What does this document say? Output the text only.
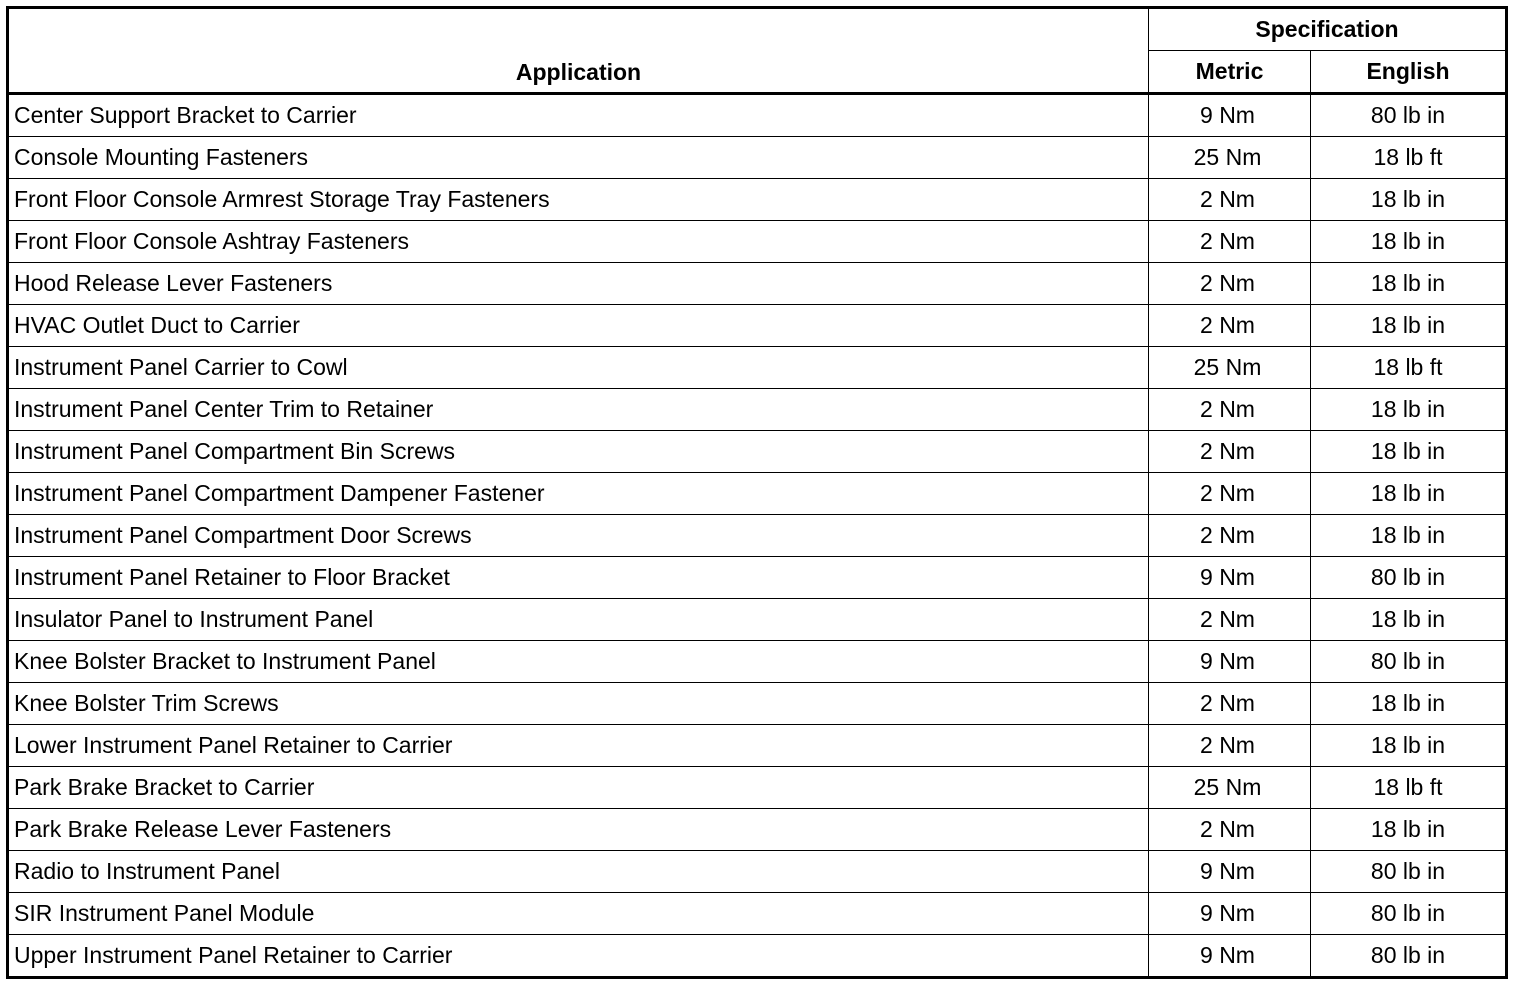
Application	Specification	
	Metric	English
Center Support Bracket to Carrier	9 Nm	80 lb in
Console Mounting Fasteners	25 Nm	18 lb ft
Front Floor Console Armrest Storage Tray Fasteners	2 Nm	18 lb in
Front Floor Console Ashtray Fasteners	2 Nm	18 lb in
Hood Release Lever Fasteners	2 Nm	18 lb in
HVAC Outlet Duct to Carrier	2 Nm	18 lb in
Instrument Panel Carrier to Cowl	25 Nm	18 lb ft
Instrument Panel Center Trim to Retainer	2 Nm	18 lb in
Instrument Panel Compartment Bin Screws	2 Nm	18 lb in
Instrument Panel Compartment Dampener Fastener	2 Nm	18 lb in
Instrument Panel Compartment Door Screws	2 Nm	18 lb in
Instrument Panel Retainer to Floor Bracket	9 Nm	80 lb in
Insulator Panel to Instrument Panel	2 Nm	18 lb in
Knee Bolster Bracket to Instrument Panel	9 Nm	80 lb in
Knee Bolster Trim Screws	2 Nm	18 lb in
Lower Instrument Panel Retainer to Carrier	2 Nm	18 lb in
Park Brake Bracket to Carrier	25 Nm	18 lb ft
Park Brake Release Lever Fasteners	2 Nm	18 lb in
Radio to Instrument Panel	9 Nm	80 lb in
SIR Instrument Panel Module	9 Nm	80 lb in
Upper Instrument Panel Retainer to Carrier	9 Nm	80 lb in
